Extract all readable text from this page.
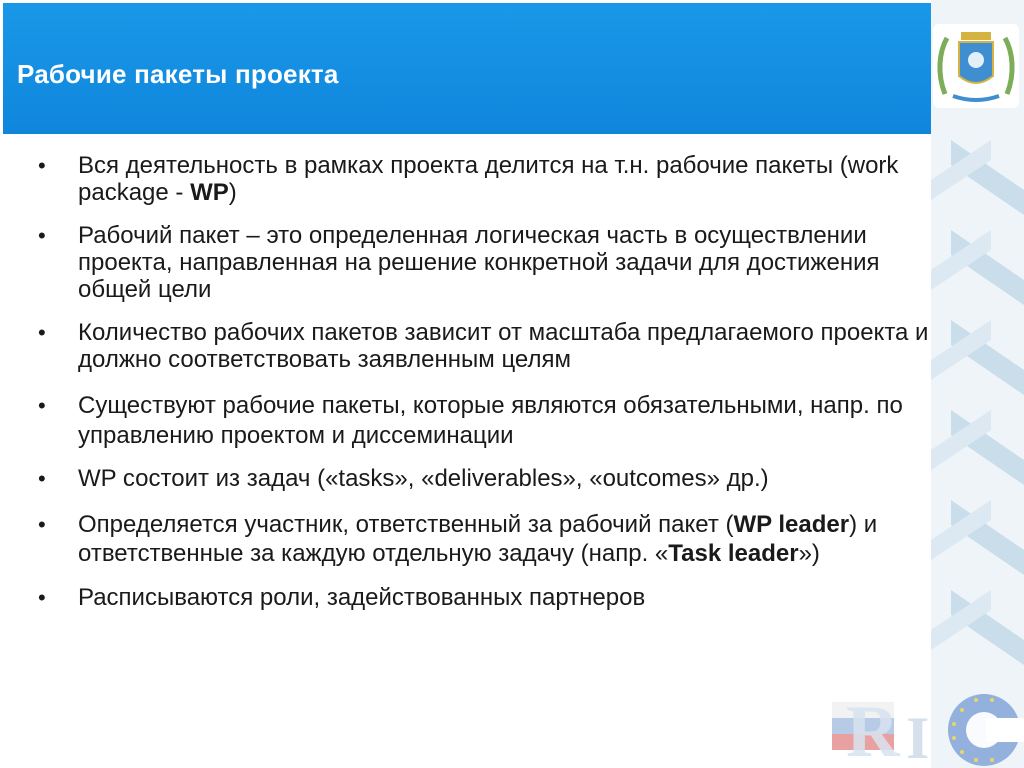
Рабочие пакеты проекта
R I
• Вся деятельность в рамках проекта делится на т.н. рабочие пакеты (work package - WP)
• Рабочий пакет – это определенная логическая часть в осуществлении проекта, направленная на решение конкретной задачи для достижения общей цели
• Количество рабочих пакетов зависит от масштаба предлагаемого проекта и должно соответствовать заявленным целям
• Существуют рабочие пакеты, которые являются обязательными, напр. по управлению проектом и диссеминации
• WP состоит из задач («tasks», «deliverables», «outcomes» др.)
• Определяется участник, ответственный за рабочий пакет (WP leader) и ответственные за каждую отдельную задачу (напр. «Task leader»)
• Расписываются роли, задействованных партнеров
